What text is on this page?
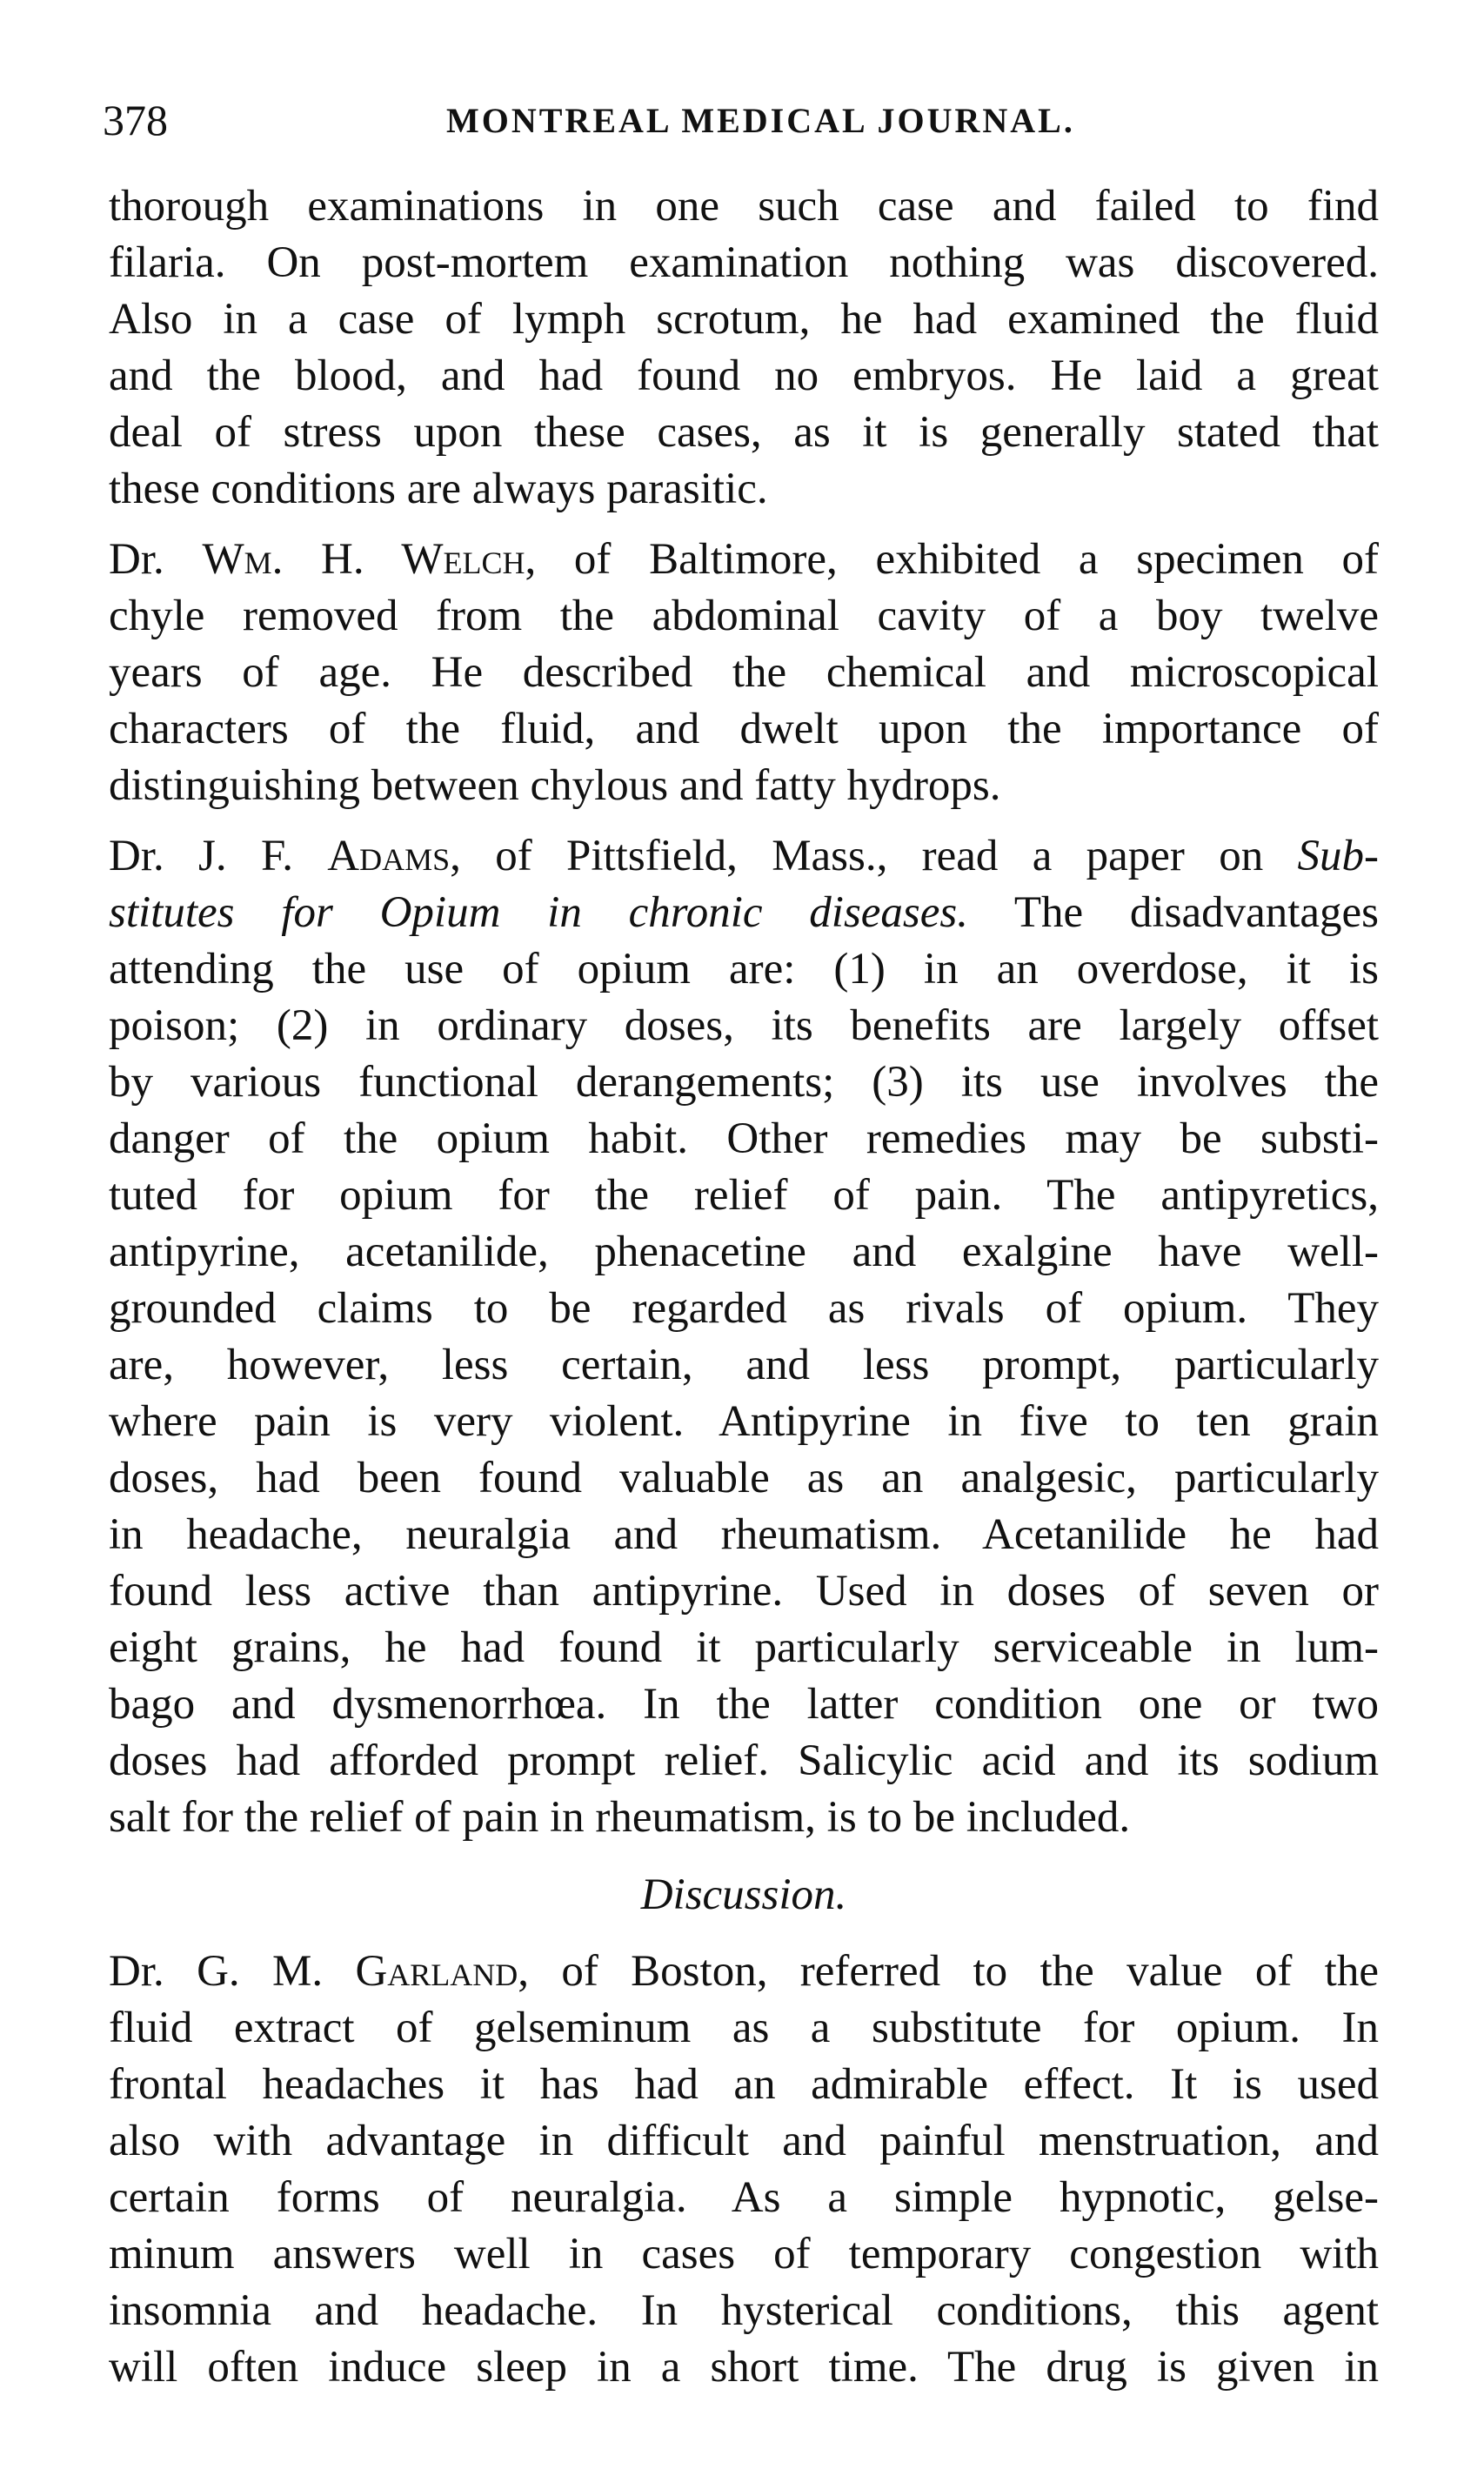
378	MONTREAL MEDICAL JOURNAL.
thorough examinations in one such case and failed to find
filaria. On post-mortem examination nothing was discovered.
Also in a case of lymph scrotum, he had examined the fluid
and the blood, and had found no embryos. He laid a great
deal of stress upon these cases, as it is generally stated that
these conditions are always parasitic.
Dr. Wm. H. Welch, of Baltimore, exhibited a specimen of
chyle removed from the abdominal cavity of a boy twelve
years of age. He described the chemical and microscopical
characters of the fluid, and dwelt upon the importance of
distinguishing between chylous and fatty hydrops.
Dr. J. F. Adams, of Pittsfield, Mass., read a paper on Sub-
stitutes for Opium in chronic diseases. The disadvantages
attending the use of opium are: (1) in an overdose, it is
poison; (2) in ordinary doses, its benefits are largely offset
by various functional derangements; (3) its use involves the
danger of the opium habit. Other remedies may be substi-
tuted for opium for the relief of pain. The antipyretics,
antipyrine, acetanilide, phenacetine and exalgine have well-
grounded claims to be regarded as rivals of opium. They
are, however, less certain, and less prompt, particularly
where pain is very violent. Antipyrine in five to ten grain
doses, had been found valuable as an analgesic, particularly
in headache, neuralgia and rheumatism. Acetanilide he had
found less active than antipyrine. Used in doses of seven or
eight grains, he had found it particularly serviceable in lum-
bago and dysmenorrhœa. In the latter condition one or two
doses had afforded prompt relief. Salicylic acid and its sodium
salt for the relief of pain in rheumatism, is to be included.
Discussion.
Dr. G. M. Garland, of Boston, referred to the value of the
fluid extract of gelseminum as a substitute for opium. In
frontal headaches it has had an admirable effect. It is used
also with advantage in difficult and painful menstruation, and
certain forms of neuralgia. As a simple hypnotic, gelse-
minum answers well in cases of temporary congestion with
insomnia and headache. In hysterical conditions, this agent
will often induce sleep in a short time. The drug is given in
